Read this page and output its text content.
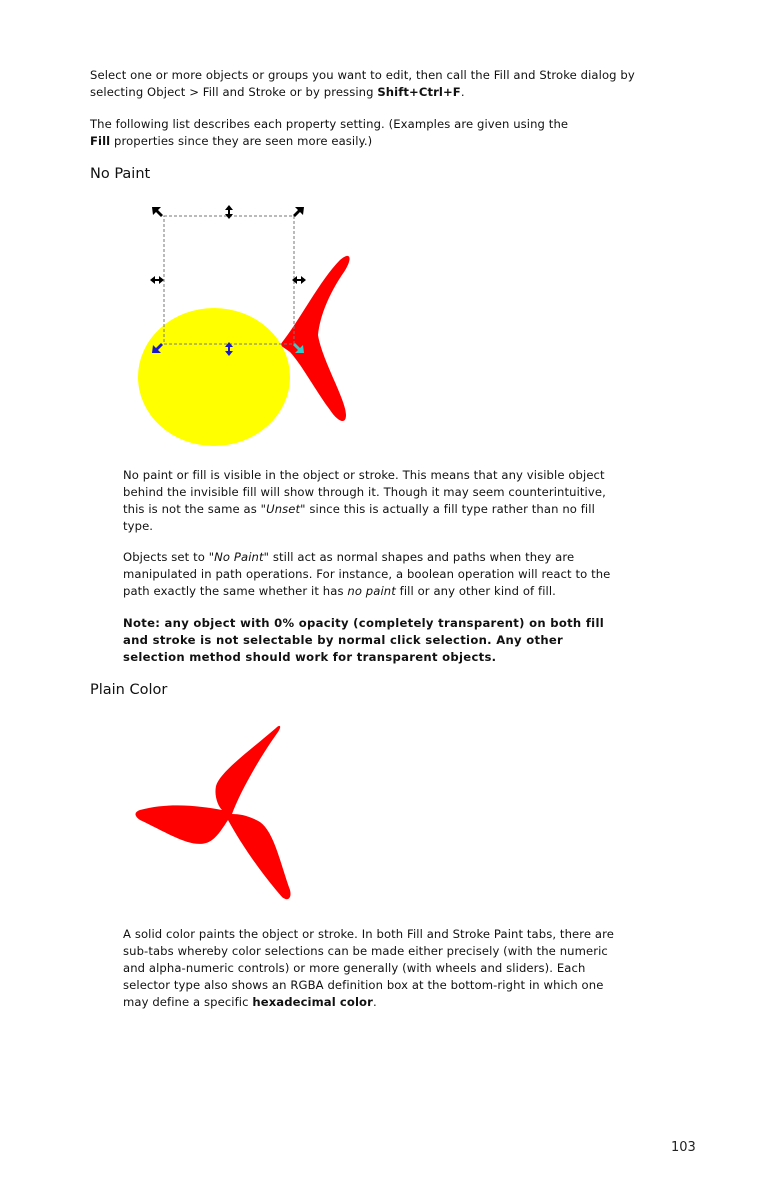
Select one or more objects or groups you want to edit, then call the Fill and Stroke dialog by selecting Object > Fill and Stroke or by pressing Shift+Ctrl+F.
The following list describes each property setting. (Examples are given using the Fill properties since they are seen more easily.)
No Paint
No paint or fill is visible in the object or stroke. This means that any visible object behind the invisible fill will show through it. Though it may seem counterintuitive, this is not the same as "Unset" since this is actually a fill type rather than no fill type.
Objects set to "No Paint" still act as normal shapes and paths when they are manipulated in path operations. For instance, a boolean operation will react to the path exactly the same whether it has no paint fill or any other kind of fill.
Note: any object with 0% opacity (completely transparent) on both fill and stroke is not selectable by normal click selection. Any other selection method should work for transparent objects.
Plain Color
A solid color paints the object or stroke. In both Fill and Stroke Paint tabs, there are sub-tabs whereby color selections can be made either precisely (with the numeric and alpha-numeric controls) or more generally (with wheels and sliders). Each selector type also shows an RGBA definition box at the bottom-right in which one may define a specific hexadecimal color.
103
